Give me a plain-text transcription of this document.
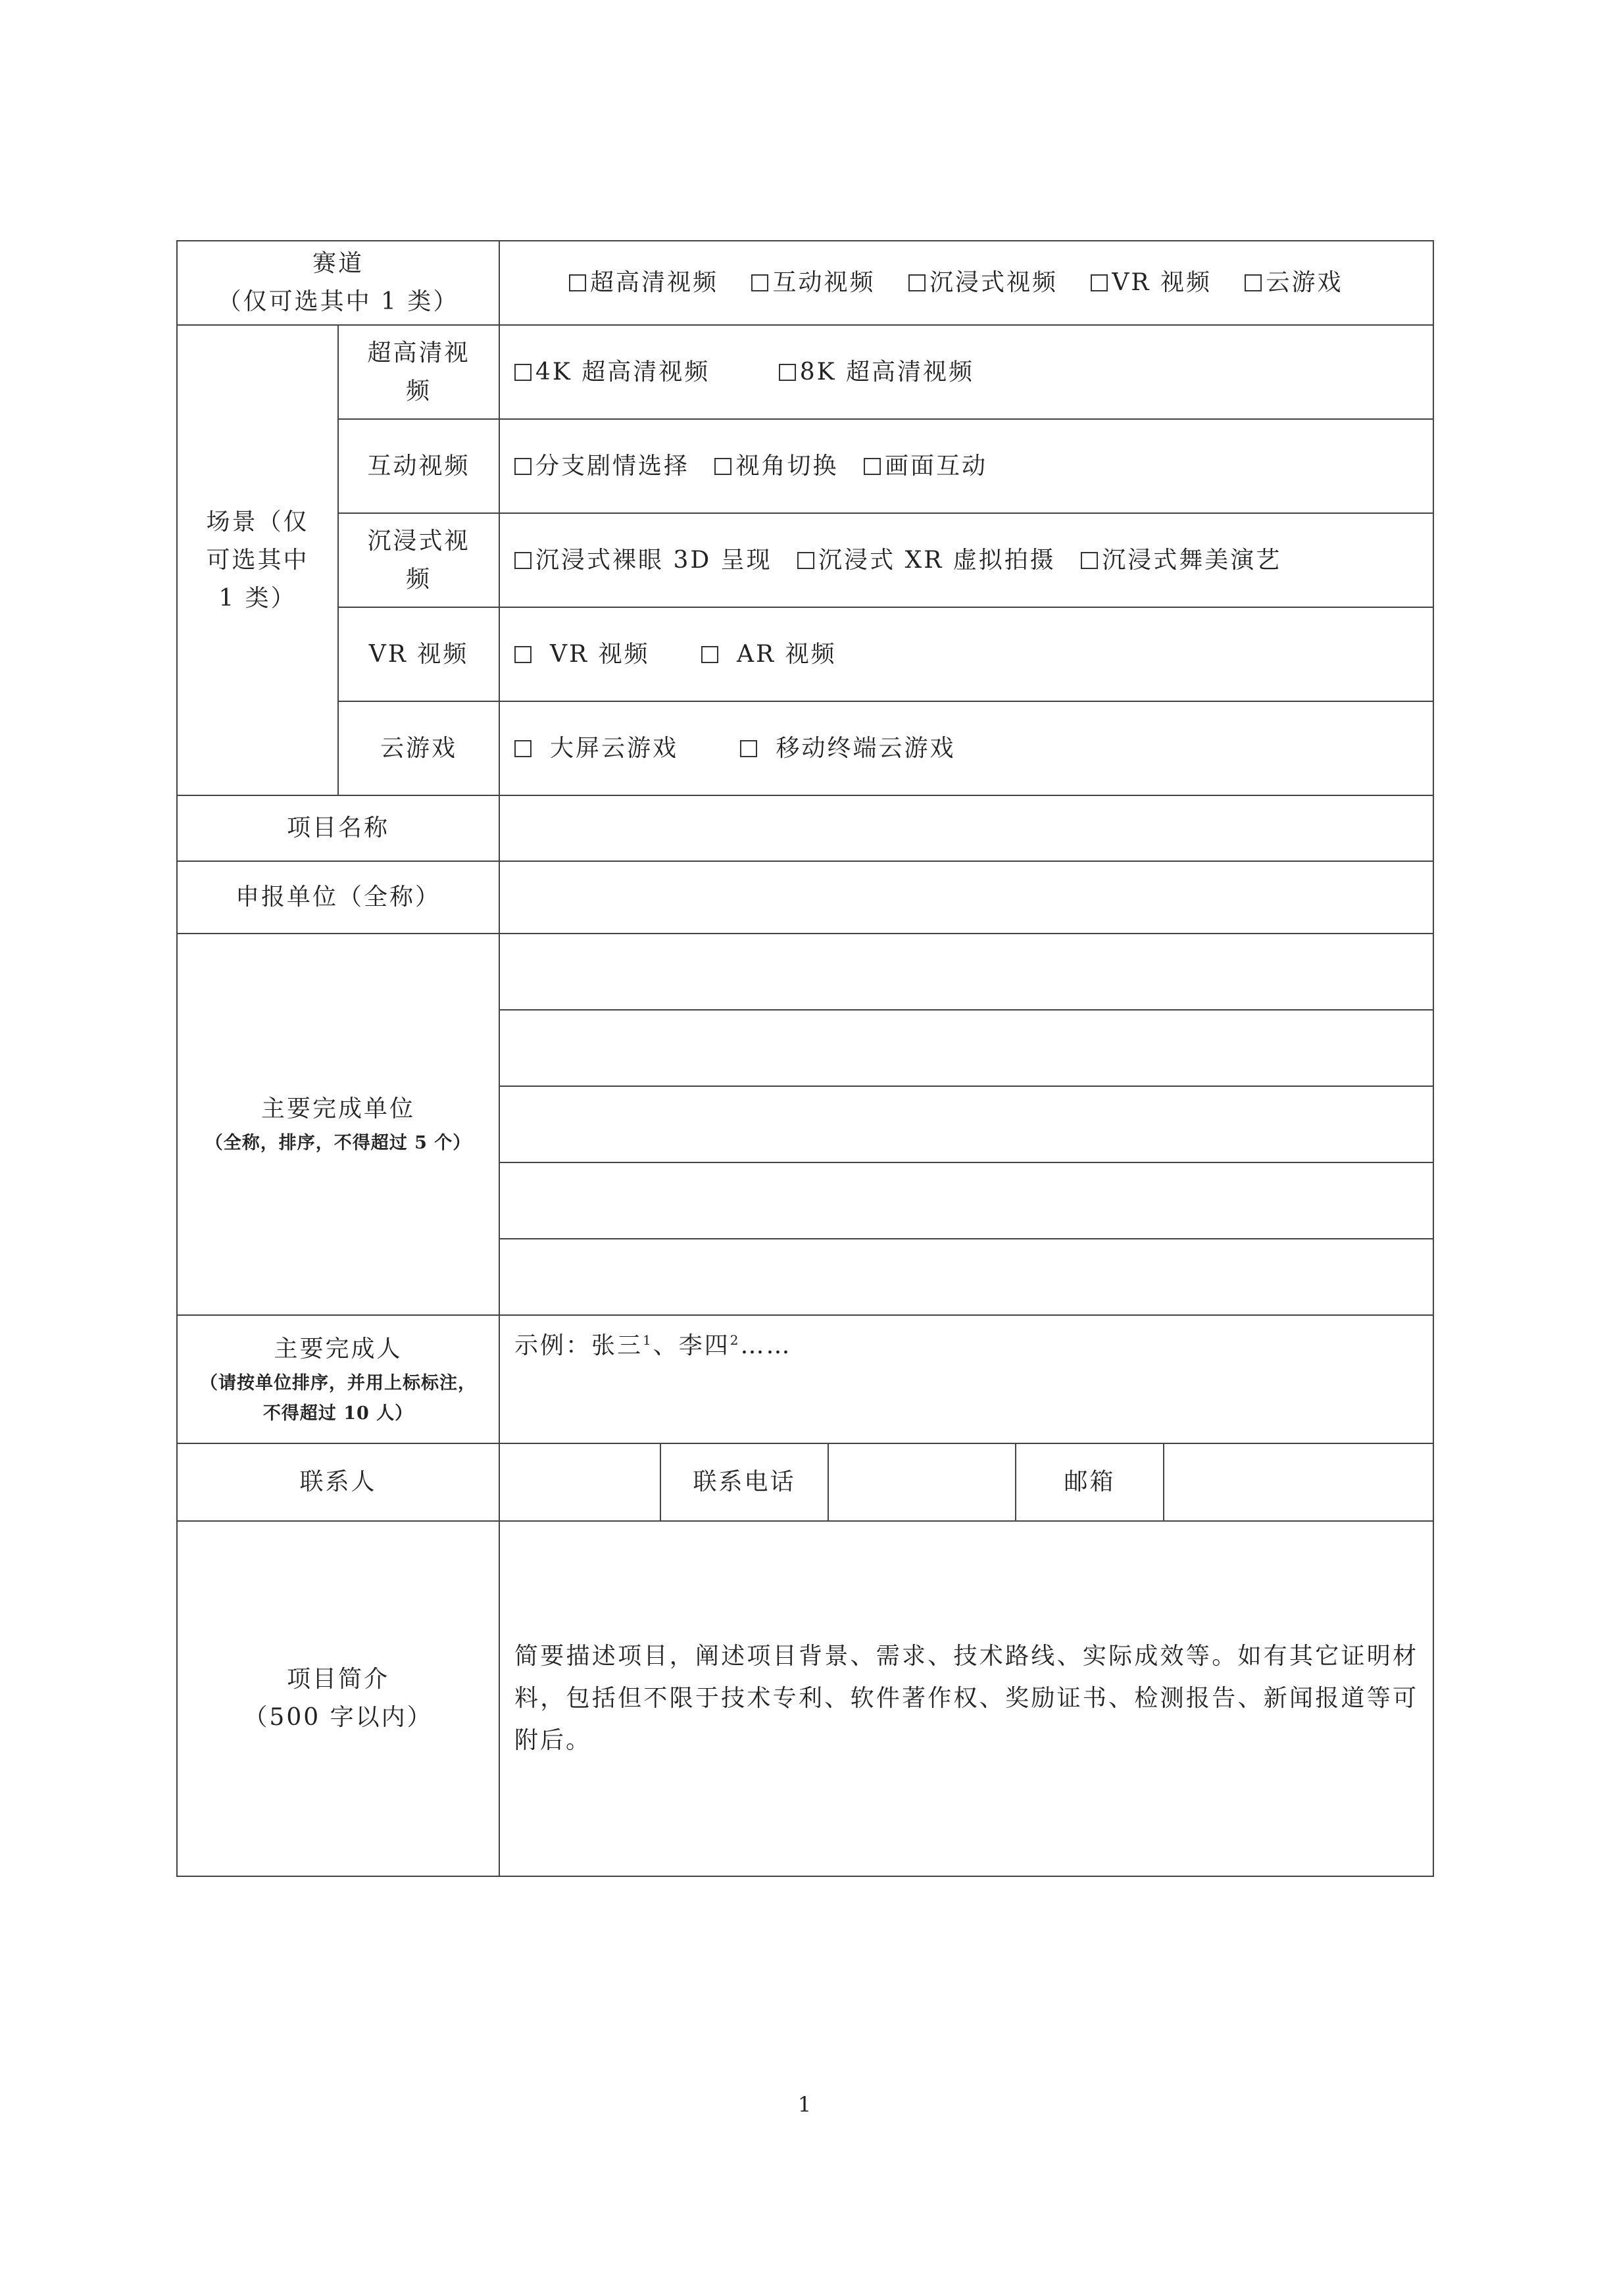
赛道
（仅可选其中 1 类）		超高清视频 互动视频 沉浸式视频 VR 视频 云游戏				
场景（仅可选其中 1 类）	超高清视频	4K 超高清视频 8K 超高清视频				
	互动视频	分支剧情选择 视角切换 画面互动				
	沉浸式视频	沉浸式裸眼 3D 呈现 沉浸式 XR 虚拟拍摄 沉浸式舞美演艺				
	VR 视频	VR 视频 AR 视频				
	云游戏	大屏云游戏 移动终端云游戏				
项目名称						
申报单位（全称）						

主要完成单位
（全称，排序，不得超过 5 个）						

主要完成人
（请按单位排序，并用上标标注，
不得超过 10 人）		示例：张三$^1$、李四$^2$……				
联系人			联系电话		邮箱	

项目简介
（500 字以内）		简要描述项目，阐述项目背景、需求、技术路线、实际成效等。如有其它证明材料，包括但不限于技术专利、软件著作权、奖励证书、检测报告、新闻报道等可附后。				
1
